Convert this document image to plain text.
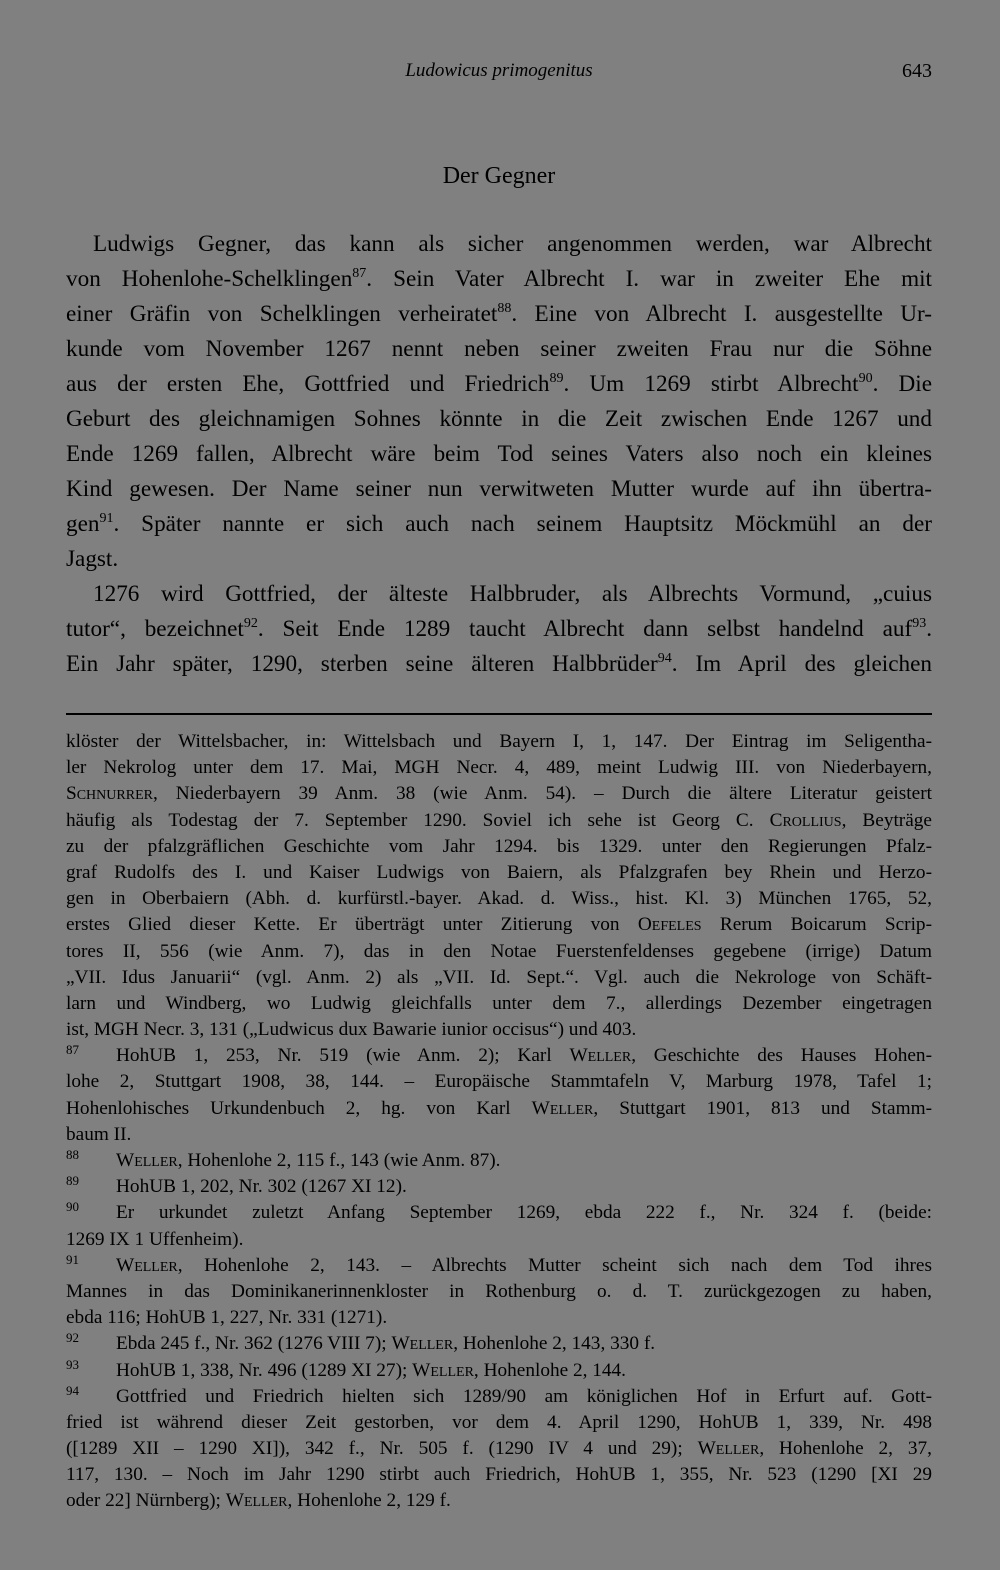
Ludowicus primogenitus	643
Der Gegner

Ludwigs Gegner, das kann als sicher angenommen werden, war Albrecht
von Hohenlohe-Schelklingen$^{87}$. Sein Vater Albrecht I. war in zweiter Ehe mit
einer Gräfin von Schelklingen verheiratet$^{88}$. Eine von Albrecht I. ausgestellte Ur-
kunde vom November 1267 nennt neben seiner zweiten Frau nur die Söhne
aus der ersten Ehe, Gottfried und Friedrich$^{89}$. Um 1269 stirbt Albrecht$^{90}$. Die
Geburt des gleichnamigen Sohnes könnte in die Zeit zwischen Ende 1267 und
Ende 1269 fallen, Albrecht wäre beim Tod seines Vaters also noch ein kleines
Kind gewesen. Der Name seiner nun verwitweten Mutter wurde auf ihn übertra-
gen$^{91}$. Später nannte er sich auch nach seinem Hauptsitz Möckmühl an der
Jagst.

1276 wird Gottfried, der älteste Halbbruder, als Albrechts Vormund, „cuius
tutor“, bezeichnet$^{92}$. Seit Ende 1289 taucht Albrecht dann selbst handelnd auf$^{93}$.
Ein Jahr später, 1290, sterben seine älteren Halbbrüder$^{94}$. Im April des gleichen

klöster der Wittelsbacher, in: Wittelsbach und Bayern I, 1, 147. Der Eintrag im Seligentha-
ler Nekrolog unter dem 17. Mai, MGH Necr. 4, 489, meint Ludwig III. von Niederbayern,
Schnurrer, Niederbayern 39 Anm. 38 (wie Anm. 54). – Durch die ältere Literatur geistert
häufig als Todestag der 7. September 1290. Soviel ich sehe ist Georg C. Crollius, Beyträge
zu der pfalzgräflichen Geschichte vom Jahr 1294. bis 1329. unter den Regierungen Pfalz-
graf Rudolfs des I. und Kaiser Ludwigs von Baiern, als Pfalzgrafen bey Rhein und Herzo-
gen in Oberbaiern (Abh. d. kurfürstl.-bayer. Akad. d. Wiss., hist. Kl. 3) München 1765, 52,
erstes Glied dieser Kette. Er überträgt unter Zitierung von Oefeles Rerum Boicarum Scrip-
tores II, 556 (wie Anm. 7), das in den Notae Fuerstenfeldenses gegebene (irrige) Datum
„VII. Idus Januarii“ (vgl. Anm. 2) als „VII. Id. Sept.“. Vgl. auch die Nekrologe von Schäft-
larn und Windberg, wo Ludwig gleichfalls unter dem 7., allerdings Dezember eingetragen
ist, MGH Necr. 3, 131 („Ludwicus dux Bawarie iunior occisus“) und 403.

$^{87}$ HohUB 1, 253, Nr. 519 (wie Anm. 2); Karl Weller, Geschichte des Hauses Hohen-
lohe 2, Stuttgart 1908, 38, 144. – Europäische Stammtafeln V, Marburg 1978, Tafel 1;
Hohenlohisches Urkundenbuch 2, hg. von Karl Weller, Stuttgart 1901, 813 und Stamm-
baum II.

$^{88}$ Weller, Hohenlohe 2, 115 f., 143 (wie Anm. 87).

$^{89}$ HohUB 1, 202, Nr. 302 (1267 XI 12).

$^{90}$ Er urkundet zuletzt Anfang September 1269, ebda 222 f., Nr. 324 f. (beide:
1269 IX 1 Uffenheim).

$^{91}$ Weller, Hohenlohe 2, 143. – Albrechts Mutter scheint sich nach dem Tod ihres
Mannes in das Dominikanerinnenkloster in Rothenburg o. d. T. zurückgezogen zu haben,
ebda 116; HohUB 1, 227, Nr. 331 (1271).

$^{92}$ Ebda 245 f., Nr. 362 (1276 VIII 7); Weller, Hohenlohe 2, 143, 330 f.

$^{93}$ HohUB 1, 338, Nr. 496 (1289 XI 27); Weller, Hohenlohe 2, 144.

$^{94}$ Gottfried und Friedrich hielten sich 1289/90 am königlichen Hof in Erfurt auf. Gott-
fried ist während dieser Zeit gestorben, vor dem 4. April 1290, HohUB 1, 339, Nr. 498
([1289 XII – 1290 XI]), 342 f., Nr. 505 f. (1290 IV 4 und 29); Weller, Hohenlohe 2, 37,
117, 130. – Noch im Jahr 1290 stirbt auch Friedrich, HohUB 1, 355, Nr. 523 (1290 [XI 29
oder 22] Nürnberg); Weller, Hohenlohe 2, 129 f.
